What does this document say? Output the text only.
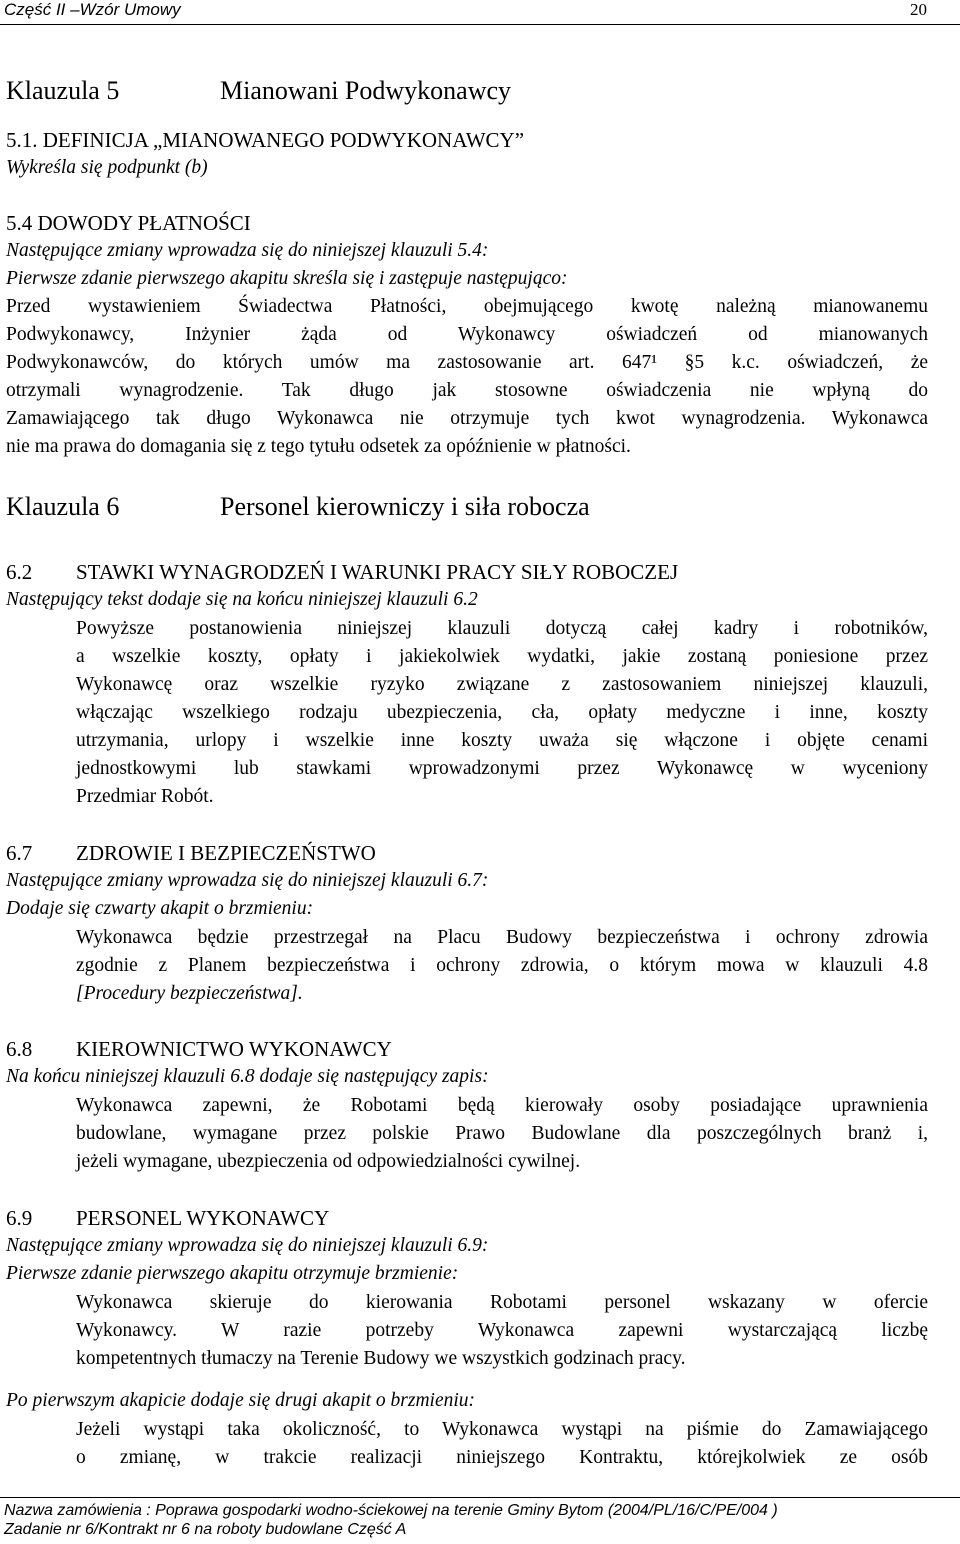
Część II –Wzór Umowy	20
Klauzula 5	Mianowani Podwykonawcy
5.1. DEFINICJA „MIANOWANEGO PODWYKONAWCY”
Wykreśla się podpunkt (b)
5.4 DOWODY PŁATNOŚCI
Następujące zmiany wprowadza się do niniejszej klauzuli 5.4:
Pierwsze zdanie pierwszego akapitu skreśla się i zastępuje następująco:
Przed wystawieniem Świadectwa Płatności, obejmującego kwotę należną mianowanemu
Podwykonawcy, Inżynier żąda od Wykonawcy oświadczeń od mianowanych
Podwykonawców, do których umów ma zastosowanie art. 647¹ §5 k.c. oświadczeń, że
otrzymali wynagrodzenie. Tak długo jak stosowne oświadczenia nie wpłyną do
Zamawiającego tak długo Wykonawca nie otrzymuje tych kwot wynagrodzenia. Wykonawca
nie ma prawa do domagania się z tego tytułu odsetek za opóźnienie w płatności.
Klauzula 6	Personel kierowniczy i siła robocza
6.2 STAWKI WYNAGRODZEŃ I WARUNKI PRACY SIŁY ROBOCZEJ
Następujący tekst dodaje się na końcu niniejszej klauzuli 6.2
Powyższe postanowienia niniejszej klauzuli dotyczą całej kadry i robotników,
a wszelkie koszty, opłaty i jakiekolwiek wydatki, jakie zostaną poniesione przez
Wykonawcę oraz wszelkie ryzyko związane z zastosowaniem niniejszej klauzuli,
włączając wszelkiego rodzaju ubezpieczenia, cła, opłaty medyczne i inne, koszty
utrzymania, urlopy i wszelkie inne koszty uważa się włączone i objęte cenami
jednostkowymi lub stawkami wprowadzonymi przez Wykonawcę w wyceniony
Przedmiar Robót.
6.7 ZDROWIE I BEZPIECZEŃSTWO
Następujące zmiany wprowadza się do niniejszej klauzuli 6.7:
Dodaje się czwarty akapit o brzmieniu:
Wykonawca będzie przestrzegał na Placu Budowy bezpieczeństwa i ochrony zdrowia
zgodnie z Planem bezpieczeństwa i ochrony zdrowia, o którym mowa w klauzuli 4.8
[Procedury bezpieczeństwa].
6.8 KIEROWNICTWO WYKONAWCY
Na końcu niniejszej klauzuli 6.8 dodaje się następujący zapis:
Wykonawca zapewni, że Robotami będą kierowały osoby posiadające uprawnienia
budowlane, wymagane przez polskie Prawo Budowlane dla poszczególnych branż i,
jeżeli wymagane, ubezpieczenia od odpowiedzialności cywilnej.
6.9 PERSONEL WYKONAWCY
Następujące zmiany wprowadza się do niniejszej klauzuli 6.9:
Pierwsze zdanie pierwszego akapitu otrzymuje brzmienie:
Wykonawca skieruje do kierowania Robotami personel wskazany w ofercie
Wykonawcy. W razie potrzeby Wykonawca zapewni wystarczającą liczbę
kompetentnych tłumaczy na Terenie Budowy we wszystkich godzinach pracy.
Po pierwszym akapicie dodaje się drugi akapit o brzmieniu:
Jeżeli wystąpi taka okoliczność, to Wykonawca wystąpi na piśmie do Zamawiającego
o zmianę, w trakcie realizacji niniejszego Kontraktu, którejkolwiek ze osób
Nazwa zamówienia : Poprawa gospodarki wodno-ściekowej na terenie Gminy Bytom (2004/PL/16/C/PE/004 )
Zadanie nr 6/Kontrakt nr 6 na roboty budowlane Część A
